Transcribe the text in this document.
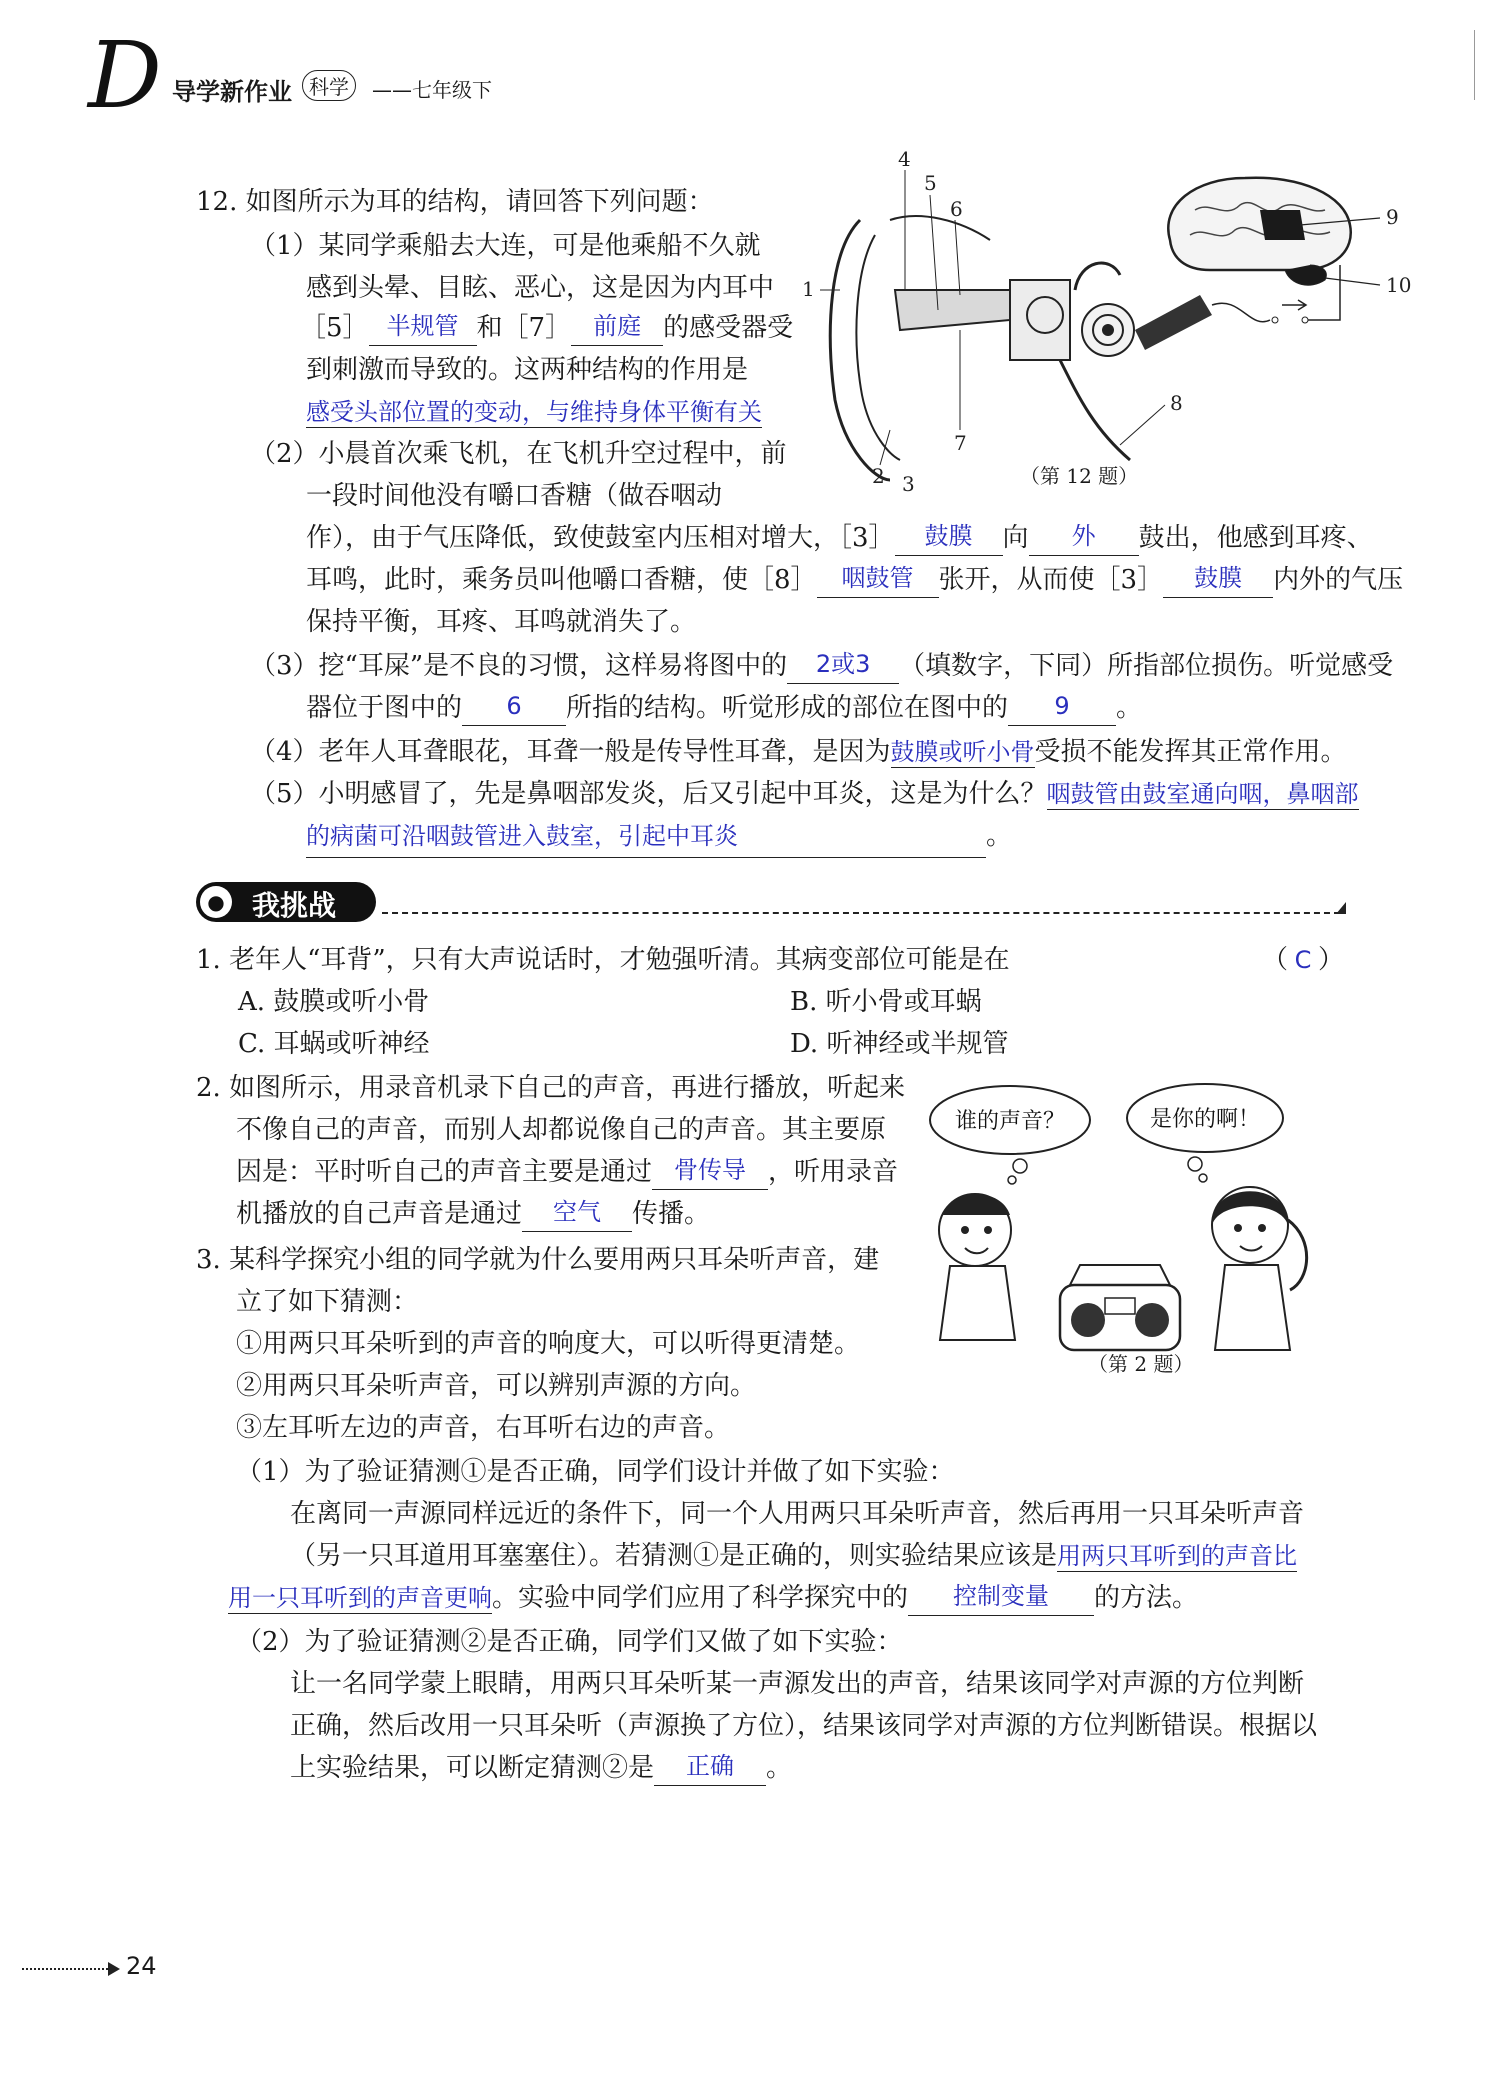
D 导学新作业 科学	——七年级下
12. 如图所示为耳的结构，请回答下列问题：
（1）某同学乘船去大连，可是他乘船不久就
感到头晕、目眩、恶心，这是因为内耳中
［5］ 半规管 和［7］ 前庭 的感受器受
到刺激而导致的。这两种结构的作用是
感受头部位置的变动，与维持身体平衡有关
（2）小晨首次乘飞机，在飞机升空过程中，前
一段时间他没有嚼口香糖（做吞咽动
作），由于气压降低，致使鼓室内压相对增大，［3］ 鼓膜 向 外 鼓出，他感到耳疼、
耳鸣，此时，乘务员叫他嚼口香糖，使［8］ 咽鼓管 张开，从而使［3］ 鼓膜 内外的气压
保持平衡，耳疼、耳鸣就消失了。
（3）挖“耳屎”是不良的习惯，这样易将图中的 2或3 （填数字，下同）所指部位损伤。听觉感受
器位于图中的 6 所指的结构。听觉形成的部位在图中的 9 。
（4）老年人耳聋眼花，耳聋一般是传导性耳聋，是因为鼓膜或听小骨受损不能发挥其正常作用。
（5）小明感冒了，先是鼻咽部发炎，后又引起中耳炎，这是为什么？咽鼓管由鼓室通向咽，鼻咽部
的病菌可沿咽鼓管进入鼓室，引起中耳炎	。
1
2 3
4
5
6
7
8
9
10
（第 12 题）
● 我挑战
1. 老年人“耳背”，只有大声说话时，才勉强听清。其病变部位可能是在	（ C ）
A. 鼓膜或听小骨	B. 听小骨或耳蜗
C. 耳蜗或听神经	D. 听神经或半规管
2. 如图所示，用录音机录下自己的声音，再进行播放，听起来
不像自己的声音，而别人却都说像自己的声音。其主要原
因是：平时听自己的声音主要是通过 骨传导 ，听用录音
机播放的自己声音是通过 空气 传播。
谁的声音？	是你的啊！
（第 2 题）
3. 某科学探究小组的同学就为什么要用两只耳朵听声音，建
立了如下猜测：
①用两只耳朵听到的声音的响度大，可以听得更清楚。
②用两只耳朵听声音，可以辨别声源的方向。
③左耳听左边的声音，右耳听右边的声音。
（1）为了验证猜测①是否正确，同学们设计并做了如下实验：
在离同一声源同样远近的条件下，同一个人用两只耳朵听声音，然后再用一只耳朵听声音
（另一只耳道用耳塞塞住）。若猜测①是正确的，则实验结果应该是用两只耳听到的声音比
用一只耳听到的声音更响。实验中同学们应用了科学探究中的 控制变量 的方法。
（2）为了验证猜测②是否正确，同学们又做了如下实验：
让一名同学蒙上眼睛，用两只耳朵听某一声源发出的声音，结果该同学对声源的方位判断
正确，然后改用一只耳朵听（声源换了方位），结果该同学对声源的方位判断错误。根据以
上实验结果，可以断定猜测②是 正确 。
24
